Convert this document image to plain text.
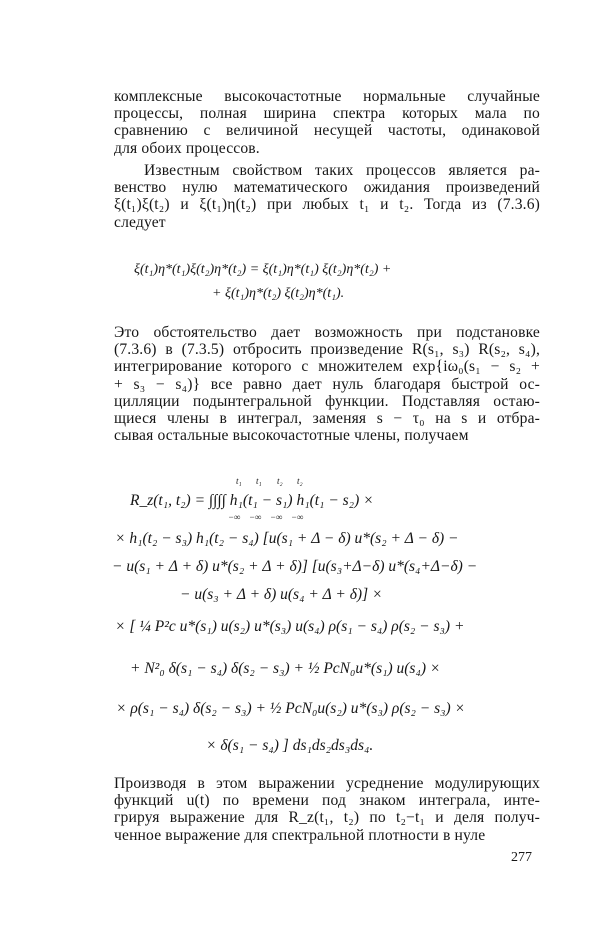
комплексные высокочастотные нормальные случайные
процессы, полная ширина спектра которых мала по
сравнению с величиной несущей частоты, одинаковой
для обоих процессов.

Известным свойством таких процессов является ра-
венство нулю математического ожидания произведений
ξ(t₁)ξ(t₂) и ξ(t₁)η(t₂) при любых t₁ и t₂. Тогда из (7.3.6)
следует

ξ(t₁)η*(t₁)ξ(t₂)η*(t₂) = ξ(t₁)η*(t₁) ξ(t₂)η*(t₂) +
+ ξ(t₁)η*(t₂) ξ(t₂)η*(t₁).

Это обстоятельство дает возможность при подстановке
(7.3.6) в (7.3.5) отбросить произведение R(s₁, s₃) R(s₂, s₄),
интегрирование которого с множителем exp{iω₀(s₁ − s₂ +
+ s₃ − s₄)} все равно дает нуль благодаря быстрой ос-
цилляции подынтегральной функции. Подставляя остаю-
щиеся члены в интеграл, заменяя s − τ₀ на s и отбра-
сывая остальные высокочастотные члены, получаем

t₁ t₁ t₂ t₂
R_z(t₁, t₂) = ∫∫∫∫ h₁(t₁ − s₁) h₁(t₁ − s₂) ×
−∞ −∞ −∞ −∞
× h₁(t₂ − s₃) h₁(t₂ − s₄) [u(s₁ + Δ − δ) u*(s₂ + Δ − δ) −
− u(s₁ + Δ + δ) u*(s₂ + Δ + δ)] [u(s₃+Δ−δ) u*(s₄+Δ−δ) −
− u(s₃ + Δ + δ) u(s₄ + Δ + δ)] ×
× [ ¼ P²c u*(s₁) u(s₂) u*(s₃) u(s₄) ρ(s₁ − s₄) ρ(s₂ − s₃) +
+ N²₀ δ(s₁ − s₄) δ(s₂ − s₃) + ½ PcN₀u*(s₁) u(s₄) ×
× ρ(s₁ − s₄) δ(s₂ − s₃) + ½ PcN₀u(s₂) u*(s₃) ρ(s₂ − s₃) ×
× δ(s₁ − s₄) ] ds₁ds₂ds₃ds₄.

Производя в этом выражении усреднение модулирующих
функций u(t) по времени под знаком интеграла, инте-
грируя выражение для R_z(t₁, t₂) по t₂−t₁ и деля получ-
ченное выражение для спектральной плотности в нуле

277
